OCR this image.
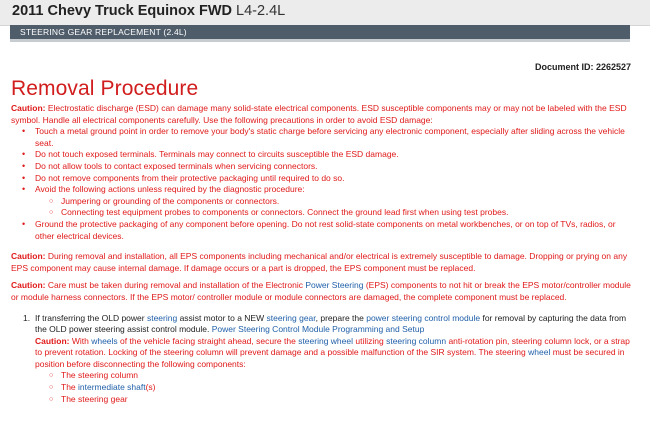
2011 Chevy Truck Equinox FWD L4-2.4L
STEERING GEAR REPLACEMENT (2.4L)
Document ID: 2262527
Removal Procedure

Caution: Electrostatic discharge (ESD) can damage many solid-state electrical components. ESD susceptible components may or may not be labeled with the ESD symbol. Handle all electrical components carefully. Use the following precautions in order to avoid ESD damage:

• Touch a metal ground point in order to remove your body's static charge before servicing any electronic component, especially after sliding across the vehicle seat.
• Do not touch exposed terminals. Terminals may connect to circuits susceptible the ESD damage.
• Do not allow tools to contact exposed terminals when servicing connectors.
• Do not remove components from their protective packaging until required to do so.
• Avoid the following actions unless required by the diagnostic procedure:
○ Jumpering or grounding of the components or connectors.
○ Connecting test equipment probes to components or connectors. Connect the ground lead first when using test probes.
• Ground the protective packaging of any component before opening. Do not rest solid-state components on metal workbenches, or on top of TVs, radios, or other electrical devices.

Caution: During removal and installation, all EPS components including mechanical and/or electrical is extremely susceptible to damage. Dropping or prying on any EPS component may cause internal damage. If damage occurs or a part is dropped, the EPS component must be replaced.

Caution: Care must be taken during removal and installation of the Electronic Power Steering (EPS) components to not hit or break the EPS motor/controller module or module harness connectors. If the EPS motor/ controller module or module connectors are damaged, the complete component must be replaced.

1. If transferring the OLD power steering assist motor to a NEW steering gear, prepare the power steering control module for removal by capturing the data from the OLD power steering assist control module. Power Steering Control Module Programming and Setup
Caution: With wheels of the vehicle facing straight ahead, secure the steering wheel utilizing steering column anti-rotation pin, steering column lock, or a strap to prevent rotation. Locking of the steering column will prevent damage and a possible malfunction of the SIR system. The steering wheel must be secured in position before disconnecting the following components:
○ The steering column
○ The intermediate shaft(s)
○ The steering gear
